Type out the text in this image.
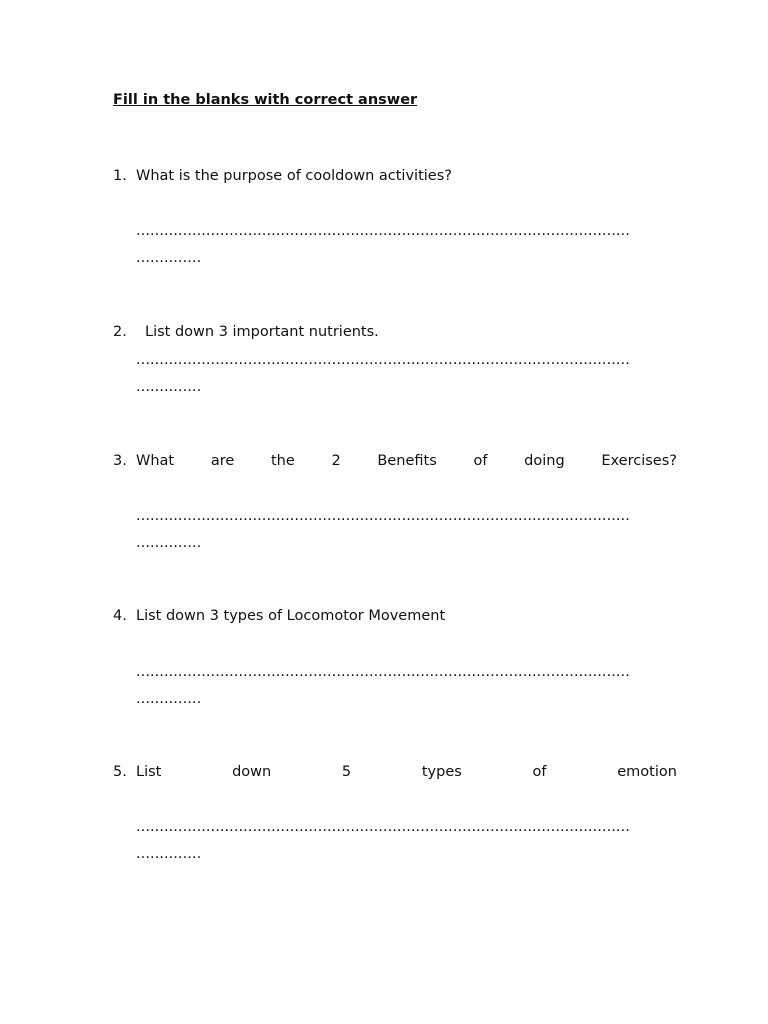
Fill in the blanks with correct answer
1. What is the purpose of cooldown activities?
..........................................................................................................
..............
2. List down 3 important nutrients.
..........................................................................................................
..............
3. What	are	the	2	Benefits	of	doing	Exercises?
..........................................................................................................
..............
4. List down 3 types of Locomotor Movement
..........................................................................................................
..............
5. List	down	5	types	of	emotion
..........................................................................................................
..............
